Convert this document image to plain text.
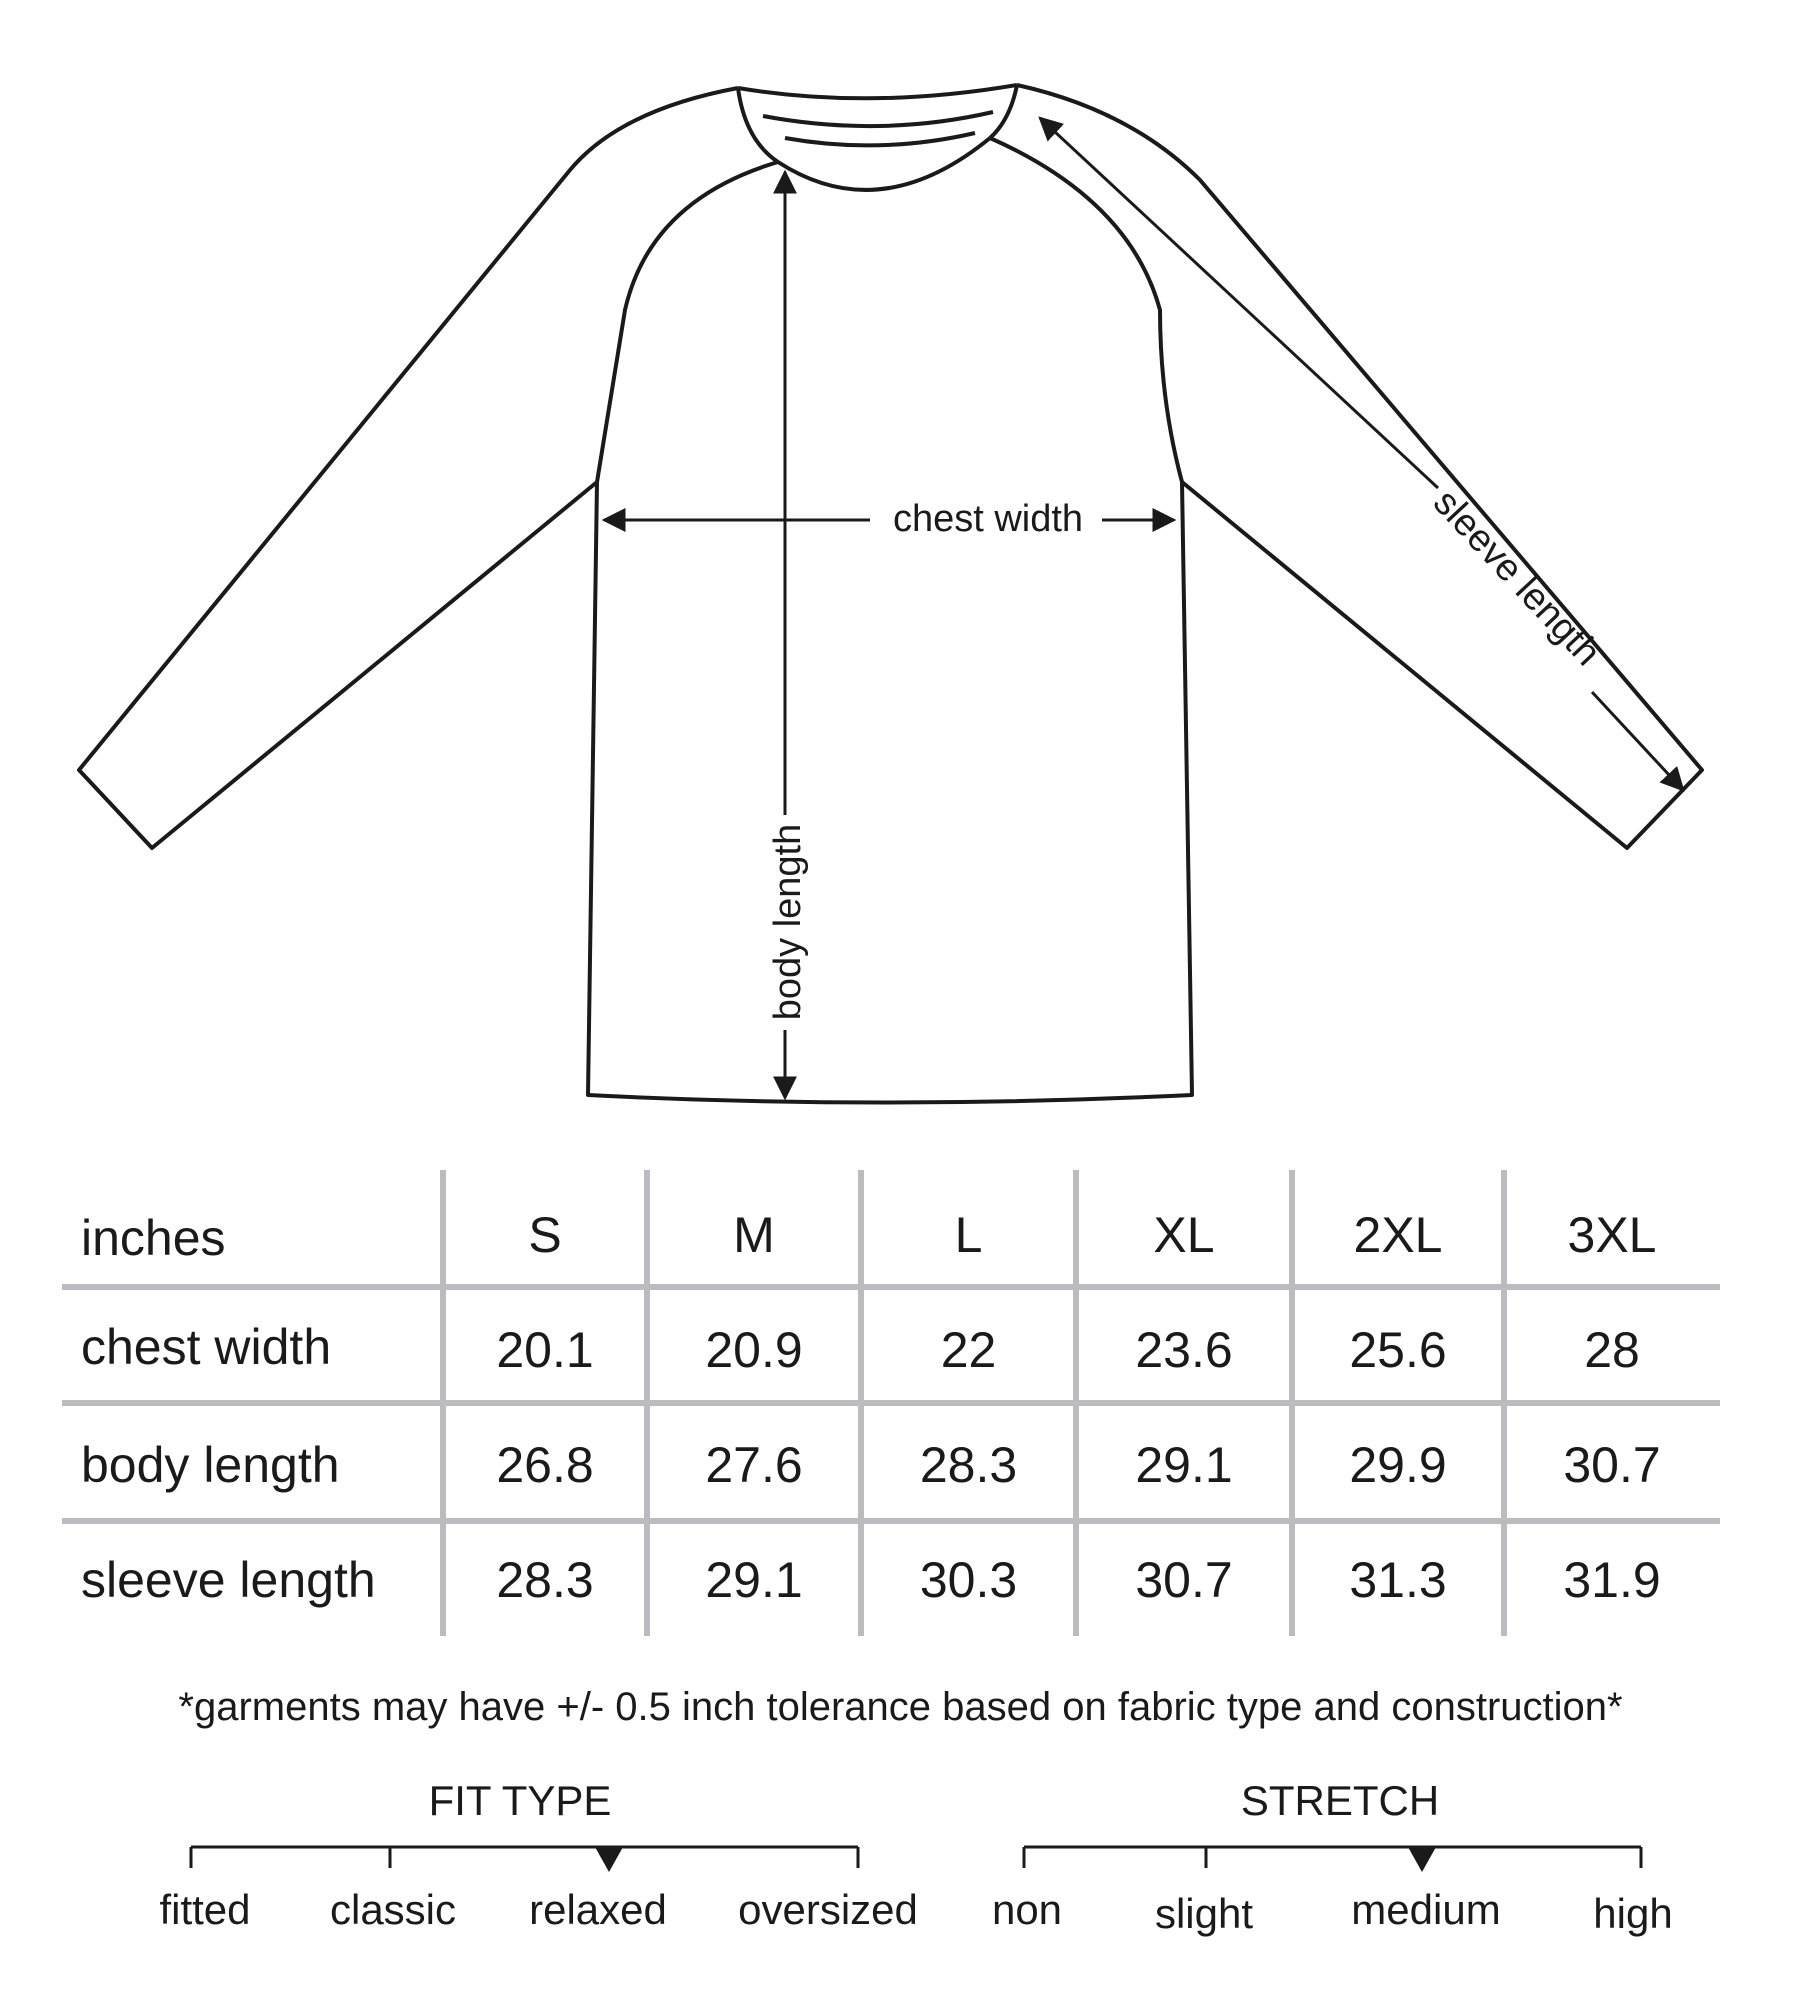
chest width
body length
sleeve length
inches	S	M	L	XL	2XL	3XL
chest width	20.1	20.9	22	23.6	25.6	28
body length	26.8	27.6	28.3	29.1	29.9	30.7
sleeve length	28.3	29.1	30.3	30.7	31.3	31.9
*garments may have +/- 0.5 inch tolerance based on fabric type and construction*
FIT TYPE
fitted classic relaxed oversized
STRETCH
non slight medium high
